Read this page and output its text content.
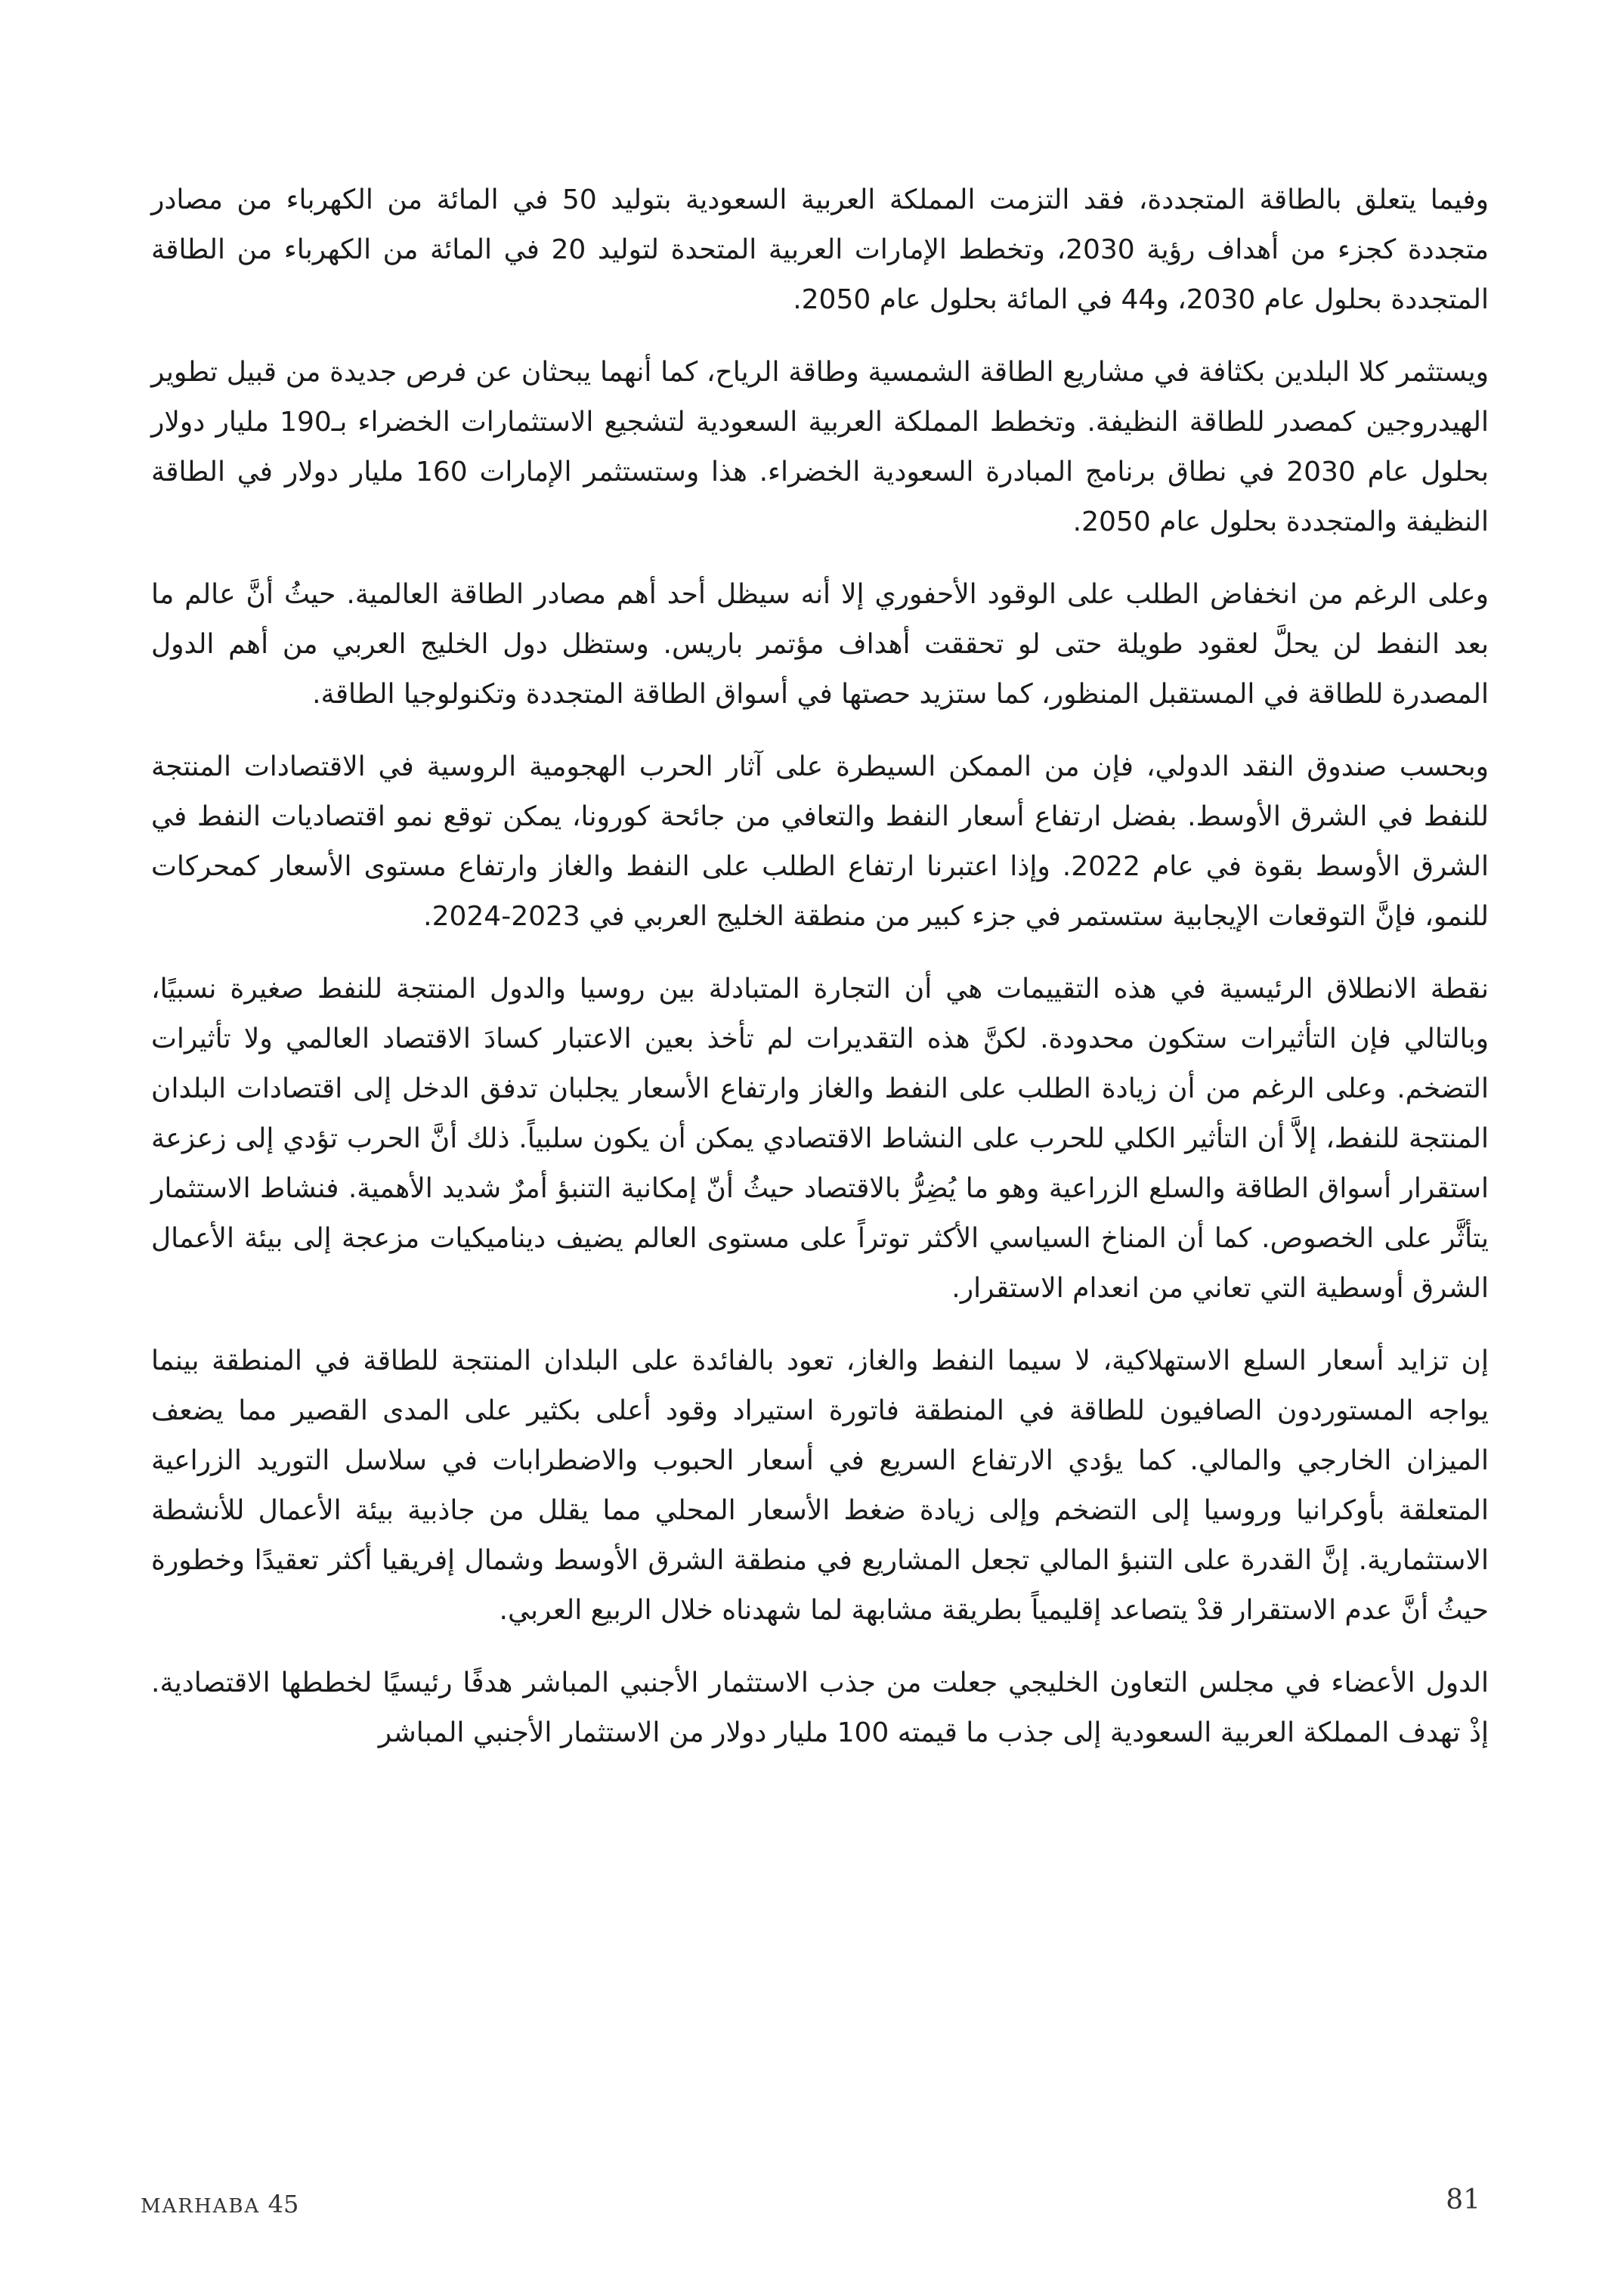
وفيما يتعلق بالطاقة المتجددة، فقد التزمت المملكة العربية السعودية بتوليد 50 في المائة من الكهرباء من مصادر متجددة كجزء من أهداف رؤية 2030، وتخطط الإمارات العربية المتحدة لتوليد 20 في المائة من الكهرباء من الطاقة المتجددة بحلول عام 2030، و44 في المائة بحلول عام 2050.

ويستثمر كلا البلدين بكثافة في مشاريع الطاقة الشمسية وطاقة الرياح، كما أنهما يبحثان عن فرص جديدة من قبيل تطوير الهيدروجين كمصدر للطاقة النظيفة. وتخطط المملكة العربية السعودية لتشجيع الاستثمارات الخضراء بـ190 مليار دولار بحلول عام 2030 في نطاق برنامج المبادرة السعودية الخضراء. هذا وستستثمر الإمارات 160 مليار دولار في الطاقة النظيفة والمتجددة بحلول عام 2050.

وعلى الرغم من انخفاض الطلب على الوقود الأحفوري إلا أنه سيظل أحد أهم مصادر الطاقة العالمية. حيثُ أنَّ عالم ما بعد النفط لن يحلَّ لعقود طويلة حتى لو تحققت أهداف مؤتمر باريس. وستظل دول الخليج العربي من أهم الدول المصدرة للطاقة في المستقبل المنظور، كما ستزيد حصتها في أسواق الطاقة المتجددة وتكنولوجيا الطاقة.

وبحسب صندوق النقد الدولي، فإن من الممكن السيطرة على آثار الحرب الهجومية الروسية في الاقتصادات المنتجة للنفط في الشرق الأوسط. بفضل ارتفاع أسعار النفط والتعافي من جائحة كورونا، يمكن توقع نمو اقتصاديات النفط في الشرق الأوسط بقوة في عام 2022. وإذا اعتبرنا ارتفاع الطلب على النفط والغاز وارتفاع مستوى الأسعار كمحركات للنمو، فإنَّ التوقعات الإيجابية ستستمر في جزء كبير من منطقة الخليج العربي في 2023-2024.

نقطة الانطلاق الرئيسية في هذه التقييمات هي أن التجارة المتبادلة بين روسيا والدول المنتجة للنفط صغيرة نسبيًا، وبالتالي فإن التأثيرات ستكون محدودة. لكنَّ هذه التقديرات لم تأخذ بعين الاعتبار كسادَ الاقتصاد العالمي ولا تأثيرات التضخم. وعلى الرغم من أن زيادة الطلب على النفط والغاز وارتفاع الأسعار يجلبان تدفق الدخل إلى اقتصادات البلدان المنتجة للنفط، إلاَّ أن التأثير الكلي للحرب على النشاط الاقتصادي يمكن أن يكون سلبياً. ذلك أنَّ الحرب تؤدي إلى زعزعة استقرار أسواق الطاقة والسلع الزراعية وهو ما يُضِرُّ بالاقتصاد حيثُ أنّ إمكانية التنبؤ أمرٌ شديد الأهمية. فنشاط الاستثمار يتأثَّر على الخصوص. كما أن المناخ السياسي الأكثر توتراً على مستوى العالم يضيف ديناميكيات مزعجة إلى بيئة الأعمال الشرق أوسطية التي تعاني من انعدام الاستقرار.

إن تزايد أسعار السلع الاستهلاكية، لا سيما النفط والغاز، تعود بالفائدة على البلدان المنتجة للطاقة في المنطقة بينما يواجه المستوردون الصافيون للطاقة في المنطقة فاتورة استيراد وقود أعلى بكثير على المدى القصير مما يضعف الميزان الخارجي والمالي. كما يؤدي الارتفاع السريع في أسعار الحبوب والاضطرابات في سلاسل التوريد الزراعية المتعلقة بأوكرانيا وروسيا إلى التضخم وإلى زيادة ضغط الأسعار المحلي مما يقلل من جاذبية بيئة الأعمال للأنشطة الاستثمارية. إنَّ القدرة على التنبؤ المالي تجعل المشاريع في منطقة الشرق الأوسط وشمال إفريقيا أكثر تعقيدًا وخطورة حيثُ أنَّ عدم الاستقرار قدْ يتصاعد إقليمياً بطريقة مشابهة لما شهدناه خلال الربيع العربي.

الدول الأعضاء في مجلس التعاون الخليجي جعلت من جذب الاستثمار الأجنبي المباشر هدفًا رئيسيًا لخططها الاقتصادية. إذْ تهدف المملكة العربية السعودية إلى جذب ما قيمته 100 مليار دولار من الاستثمار الأجنبي المباشر

MARHABA 45	81
